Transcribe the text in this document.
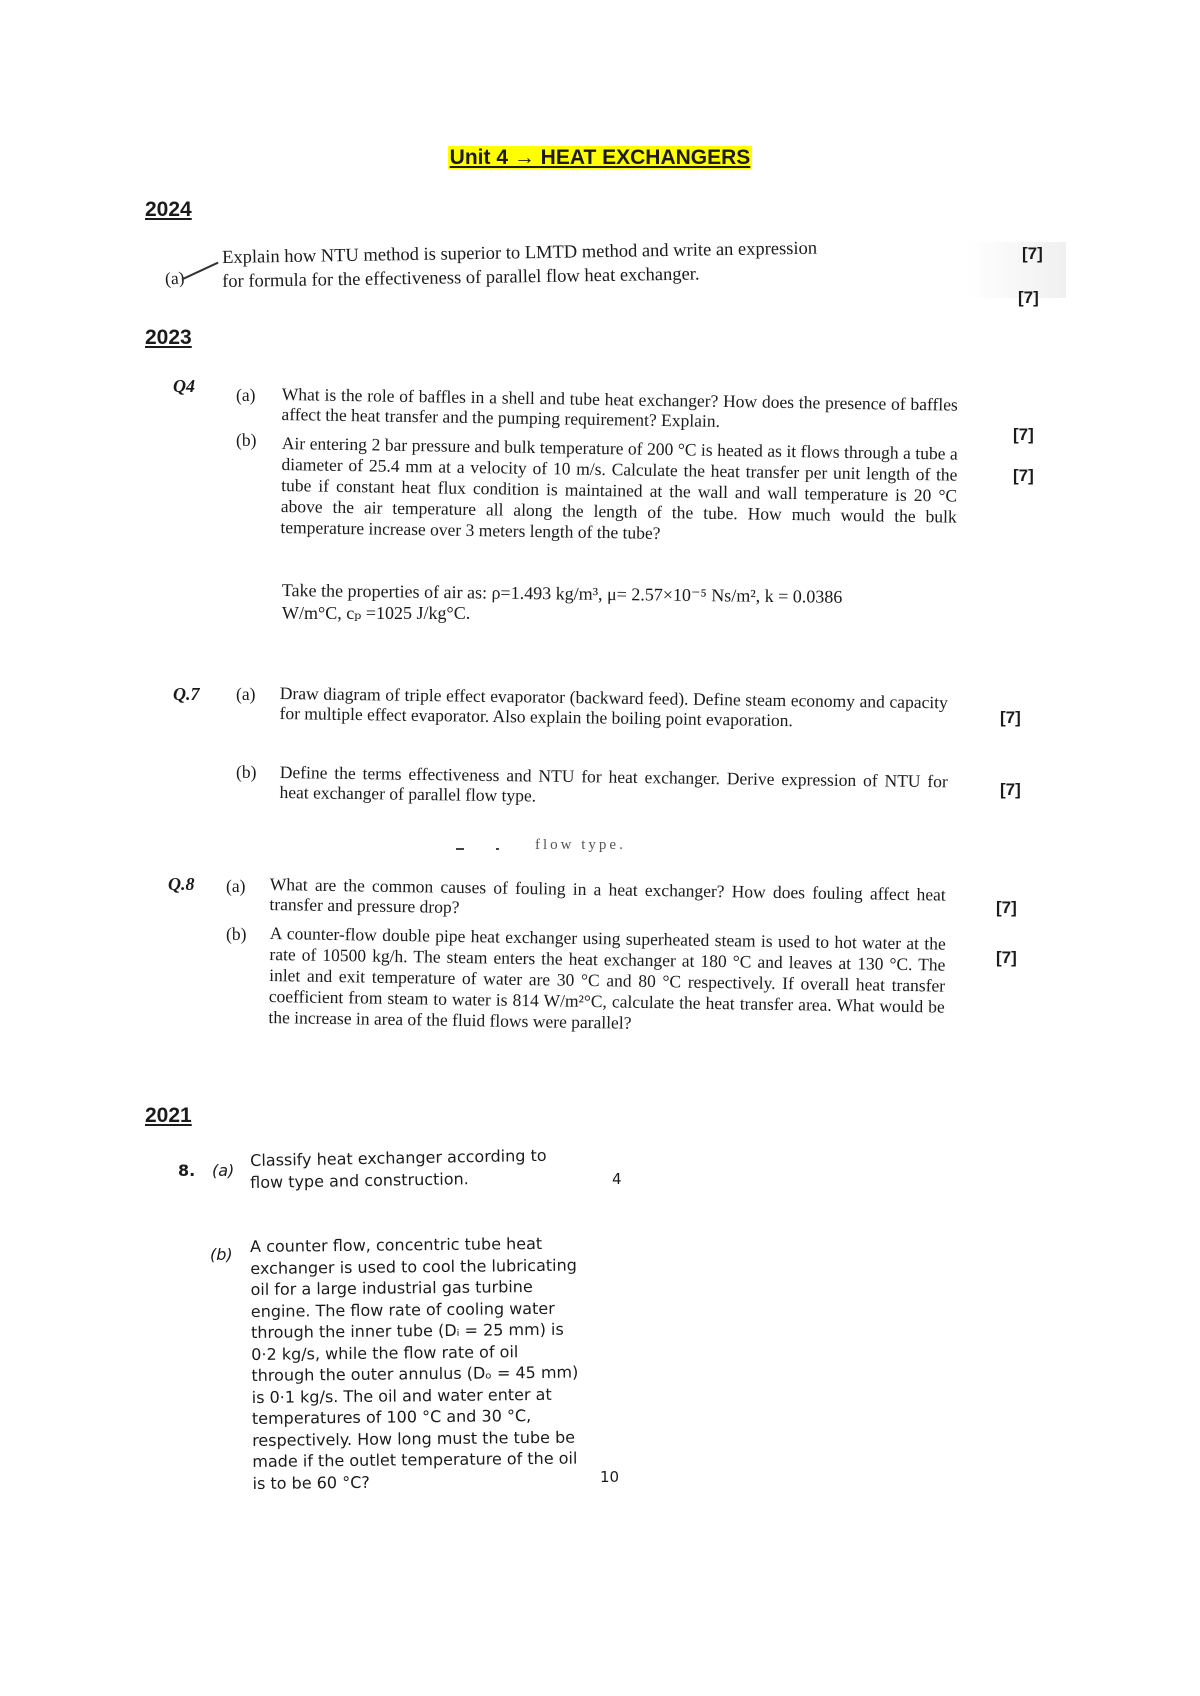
Unit 4 → HEAT EXCHANGERS
2024
(a)
Explain how NTU method is superior to LMTD method and write an expression
for formula for the effectiveness of parallel flow heat exchanger.
[7]
[7]
2023
Q4 (a) What is the role of baffles in a shell and tube heat exchanger? How does the presence of baffles affect the heat transfer and the pumping requirement? Explain.
[7]
(b) Air entering 2 bar pressure and bulk temperature of 200 °C is heated as it flows through a tube a diameter of 25.4 mm at a velocity of 10 m/s. Calculate the heat transfer per unit length of the tube if constant heat flux condition is maintained at the wall and wall temperature is 20 °C above the air temperature all along the length of the tube. How much would the bulk temperature increase over 3 meters length of the tube?
[7]
Take the properties of air as: ρ=1.493 kg/m³, μ= 2.57×10⁻⁵ Ns/m², k = 0.0386
W/m°C, cₚ =1025 J/kg°C.
Q.7 (a) Draw diagram of triple effect evaporator (backward feed). Define steam economy and capacity for multiple effect evaporator. Also explain the boiling point evaporation.	[7]
(b) Define the terms effectiveness and NTU for heat exchanger. Derive expression of NTU for heat exchanger of parallel flow type.	[7]
flow type.
Q.8 (a) What are the common causes of fouling in a heat exchanger? How does fouling affect heat transfer and pressure drop?	[7]
(b) A counter-flow double pipe heat exchanger using superheated steam is used to hot water at the rate of 10500 kg/h. The steam enters the heat exchanger at 180 °C and leaves at 130 °C. The inlet and exit temperature of water are 30 °C and 80 °C respectively. If overall heat transfer coefficient from steam to water is 814 W/m²°C, calculate the heat transfer area. What would be the increase in area of the fluid flows were parallel?
[7]
2021
8. (a)
Classify heat exchanger according to
flow type and construction.	4
(b) A counter flow, concentric tube heat
exchanger is used to cool the lubricating
oil for a large industrial gas turbine
engine. The flow rate of cooling water
through the inner tube (Dᵢ = 25 mm) is
0·2 kg/s, while the flow rate of oil
through the outer annulus (Dₒ = 45 mm)
is 0·1 kg/s. The oil and water enter at
temperatures of 100 °C and 30 °C,
respectively. How long must the tube be
made if the outlet temperature of the oil
is to be 60 °C?	10
